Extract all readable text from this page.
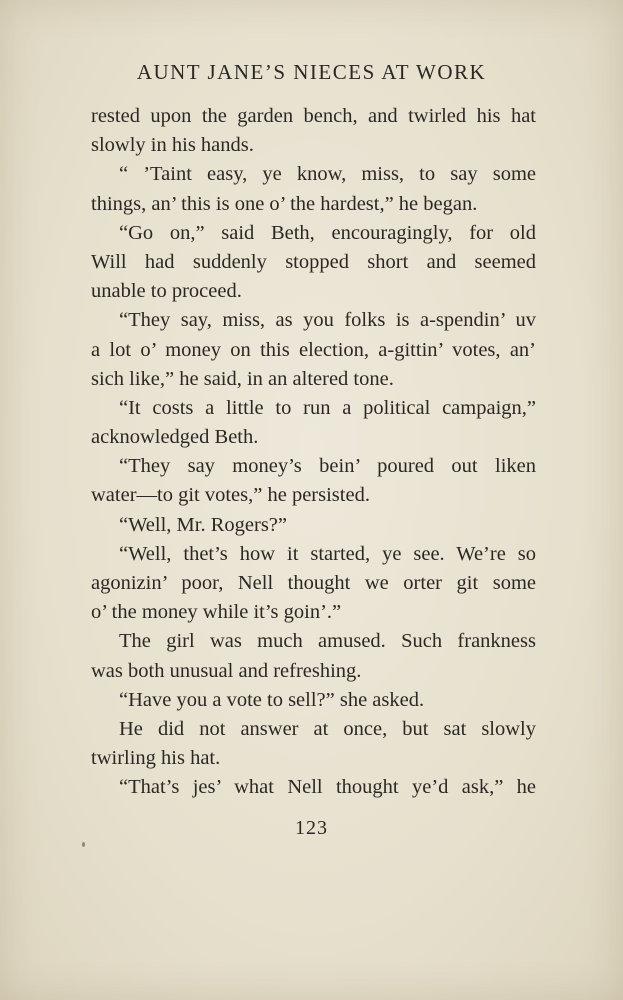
AUNT JANE’S NIECES AT WORK
rested upon the garden bench, and twirled his hat
slowly in his hands.
“ ’Taint easy, ye know, miss, to say some
things, an’ this is one o’ the hardest,” he began.
“Go on,” said Beth, encouragingly, for old
Will had suddenly stopped short and seemed
unable to proceed.
“They say, miss, as you folks is a-spendin’ uv
a lot o’ money on this election, a-gittin’ votes, an’
sich like,” he said, in an altered tone.
“It costs a little to run a political campaign,”
acknowledged Beth.
“They say money’s bein’ poured out liken
water—to git votes,” he persisted.
“Well, Mr. Rogers?”
“Well, thet’s how it started, ye see. We’re so
agonizin’ poor, Nell thought we orter git some
o’ the money while it’s goin’.”
The girl was much amused. Such frankness
was both unusual and refreshing.
“Have you a vote to sell?” she asked.
He did not answer at once, but sat slowly
twirling his hat.
“That’s jes’ what Nell thought ye’d ask,” he
123
